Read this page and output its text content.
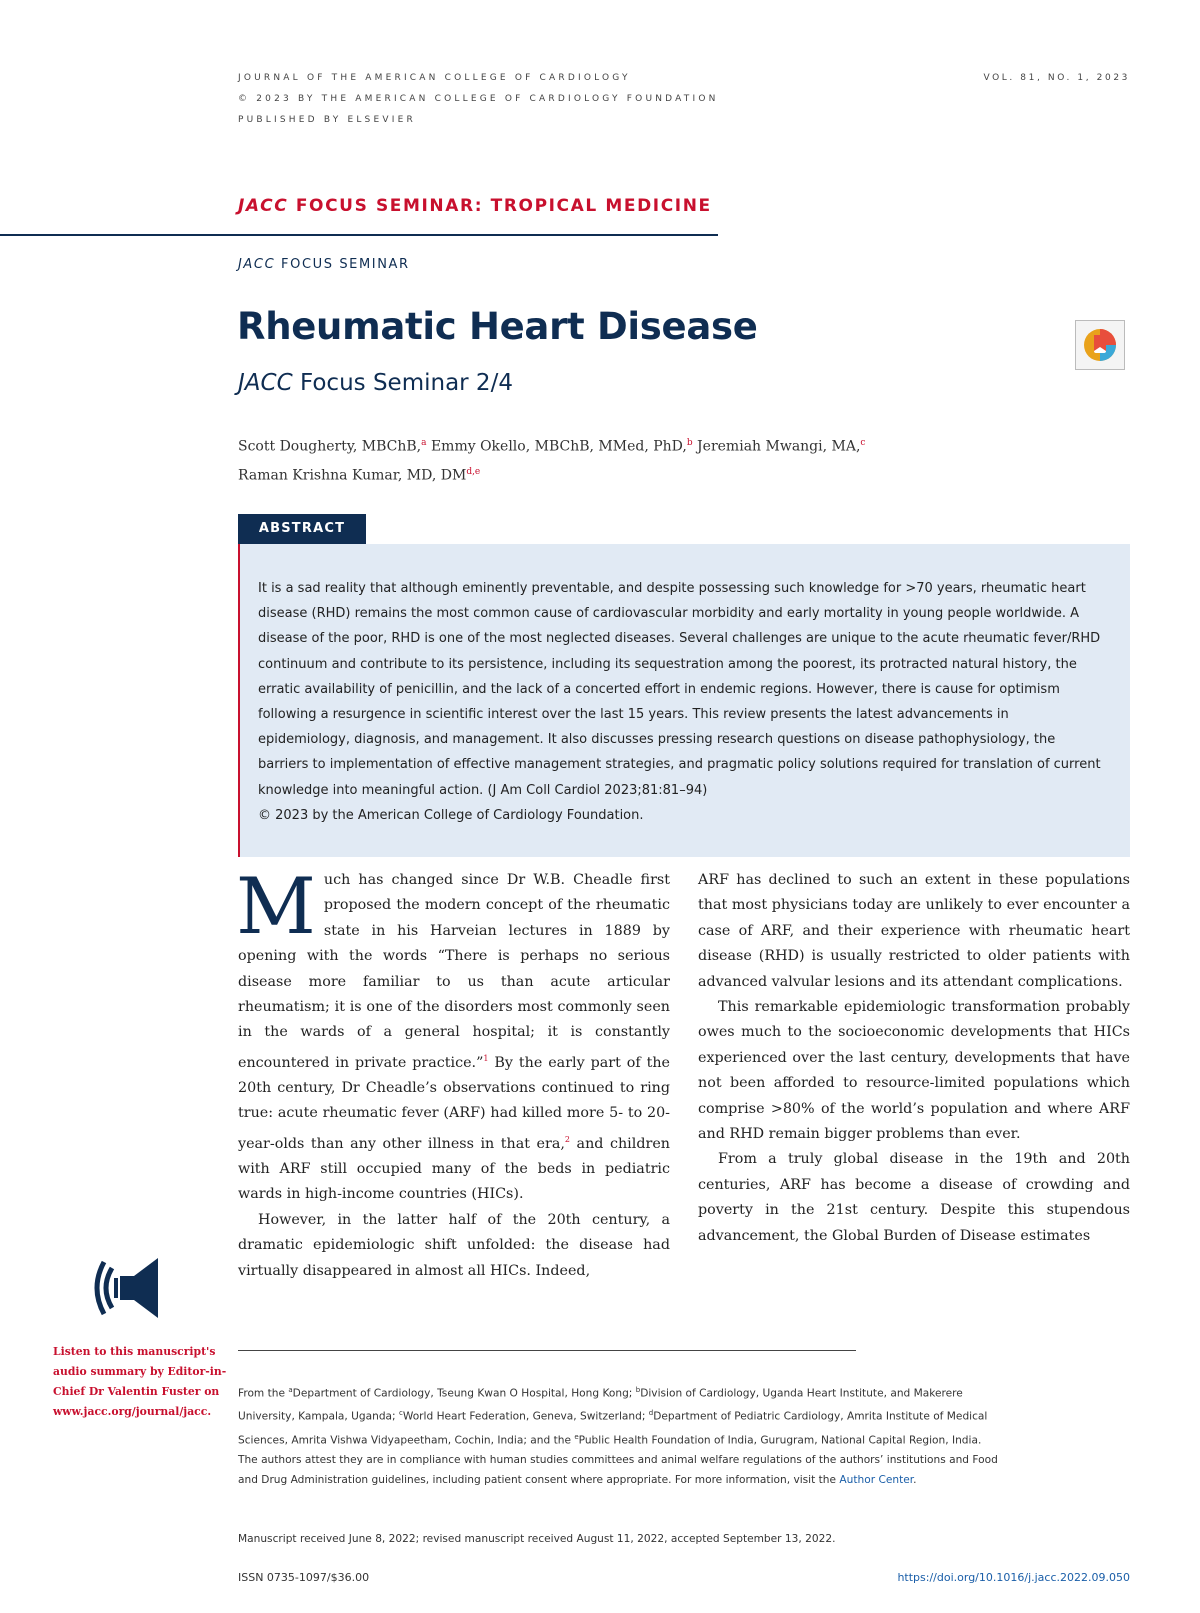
JOURNAL OF THE AMERICAN COLLEGE OF CARDIOLOGY
© 2023 BY THE AMERICAN COLLEGE OF CARDIOLOGY FOUNDATION
PUBLISHED BY ELSEVIER
VOL. 81, NO. 1, 2023
JACC FOCUS SEMINAR: TROPICAL MEDICINE
JACC FOCUS SEMINAR
Rheumatic Heart Disease
JACC Focus Seminar 2/4
Scott Dougherty, MBChB,$^a$ Emmy Okello, MBChB, MMed, PhD,$^b$ Jeremiah Mwangi, MA,$^c$
Raman Krishna Kumar, MD, DM$^{d,e}$
ABSTRACT
It is a sad reality that although eminently preventable, and despite possessing such knowledge for >70 years, rheumatic heart disease (RHD) remains the most common cause of cardiovascular morbidity and early mortality in young people worldwide. A disease of the poor, RHD is one of the most neglected diseases. Several challenges are unique to the acute rheumatic fever/RHD continuum and contribute to its persistence, including its sequestration among the poorest, its protracted natural history, the erratic availability of penicillin, and the lack of a concerted effort in endemic regions. However, there is cause for optimism following a resurgence in scientific interest over the last 15 years. This review presents the latest advancements in epidemiology, diagnosis, and management. It also discusses pressing research questions on disease pathophysiology, the barriers to implementation of effective management strategies, and pragmatic policy solutions required for translation of current knowledge into meaningful action. (J Am Coll Cardiol 2023;81:81–94)
© 2023 by the American College of Cardiology Foundation.

Much has changed since Dr W.B. Cheadle first proposed the modern concept of the rheumatic state in his Harveian lectures in 1889 by opening with the words “There is perhaps no serious disease more familiar to us than acute articular rheumatism; it is one of the disorders most commonly seen in the wards of a general hospital; it is constantly encountered in private practice.”$^1$ By the early part of the 20th century, Dr Cheadle’s observations continued to ring true: acute rheumatic fever (ARF) had killed more 5- to 20-year-olds than any other illness in that era,$^2$ and children with ARF still occupied many of the beds in pediatric wards in high-income countries (HICs).

However, in the latter half of the 20th century, a dramatic epidemiologic shift unfolded: the disease had virtually disappeared in almost all HICs. Indeed,

ARF has declined to such an extent in these populations that most physicians today are unlikely to ever encounter a case of ARF, and their experience with rheumatic heart disease (RHD) is usually restricted to older patients with advanced valvular lesions and its attendant complications.

This remarkable epidemiologic transformation probably owes much to the socioeconomic developments that HICs experienced over the last century, developments that have not been afforded to resource-limited populations which comprise >80% of the world’s population and where ARF and RHD remain bigger problems than ever.

From a truly global disease in the 19th and 20th centuries, ARF has become a disease of crowding and poverty in the 21st century. Despite this stupendous advancement, the Global Burden of Disease estimates

Listen to this manuscript's audio summary by Editor-in-Chief Dr Valentin Fuster on www.jacc.org/journal/jacc.

From the $^a$Department of Cardiology, Tseung Kwan O Hospital, Hong Kong; $^b$Division of Cardiology, Uganda Heart Institute, and Makerere University, Kampala, Uganda; $^c$World Heart Federation, Geneva, Switzerland; $^d$Department of Pediatric Cardiology, Amrita Institute of Medical Sciences, Amrita Vishwa Vidyapeetham, Cochin, India; and the $^e$Public Health Foundation of India, Gurugram, National Capital Region, India.

The authors attest they are in compliance with human studies committees and animal welfare regulations of the authors’ institutions and Food and Drug Administration guidelines, including patient consent where appropriate. For more information, visit the Author Center.

Manuscript received June 8, 2022; revised manuscript received August 11, 2022, accepted September 13, 2022.
ISSN 0735-1097/$36.00	https://doi.org/10.1016/j.jacc.2022.09.050
